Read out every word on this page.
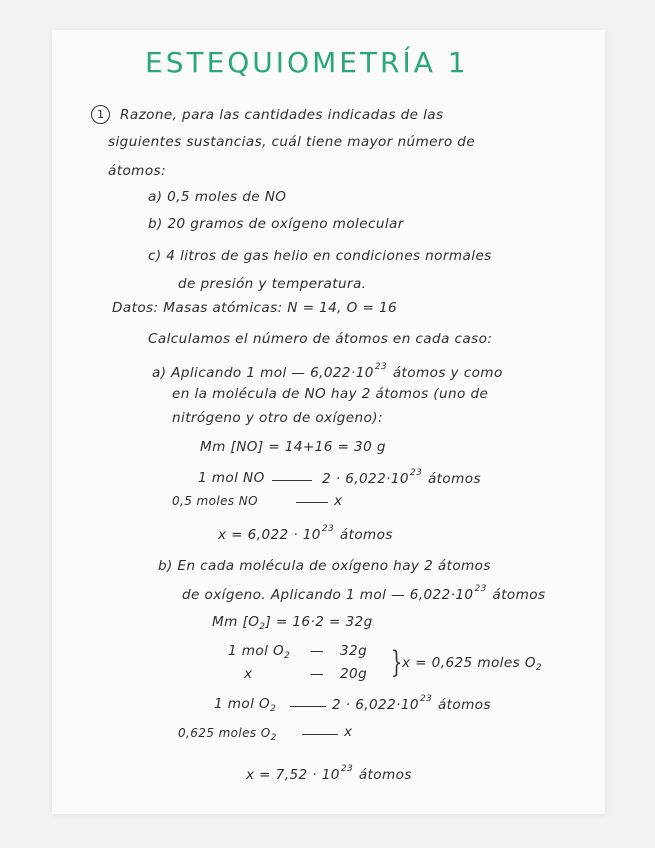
ESTEQUIOMETRÍA 1
1	Razone, para las cantidades indicadas de las
siguientes sustancias, cuál tiene mayor número de
átomos:
a) 0,5 moles de NO
b) 20 gramos de oxígeno molecular
c) 4 litros de gas helio en condiciones normales
de presión y temperatura.
Datos: Masas atómicas: N = 14, O = 16
Calculamos el número de átomos en cada caso:
a) Aplicando 1 mol — $6,022\cdot 10^{23}$ átomos y como
en la molécula de NO hay 2 átomos (uno de
nitrógeno y otro de oxígeno):
Mm [NO] = 14+16 = 30 g
1 mol NO	$2 \cdot 6,022\cdot 10^{23}$ átomos
0,5 moles NO	x
$x = 6,022 \cdot 10^{23}$ átomos
b) En cada molécula de oxígeno hay 2 átomos
de oxígeno. Aplicando 1 mol — $6,022\cdot 10^{23}$ átomos
Mm $[O_2] = 16\cdot 2 = 32g$
1 mol $O_2$ — 32g
x	— 20g } x = 0,625 moles $O_2$
1 mol $O_2$	$2 \cdot 6,022\cdot 10^{23}$ átomos
0,625 moles $O_2$	x
$x = 7,52 \cdot 10^{23}$ átomos
